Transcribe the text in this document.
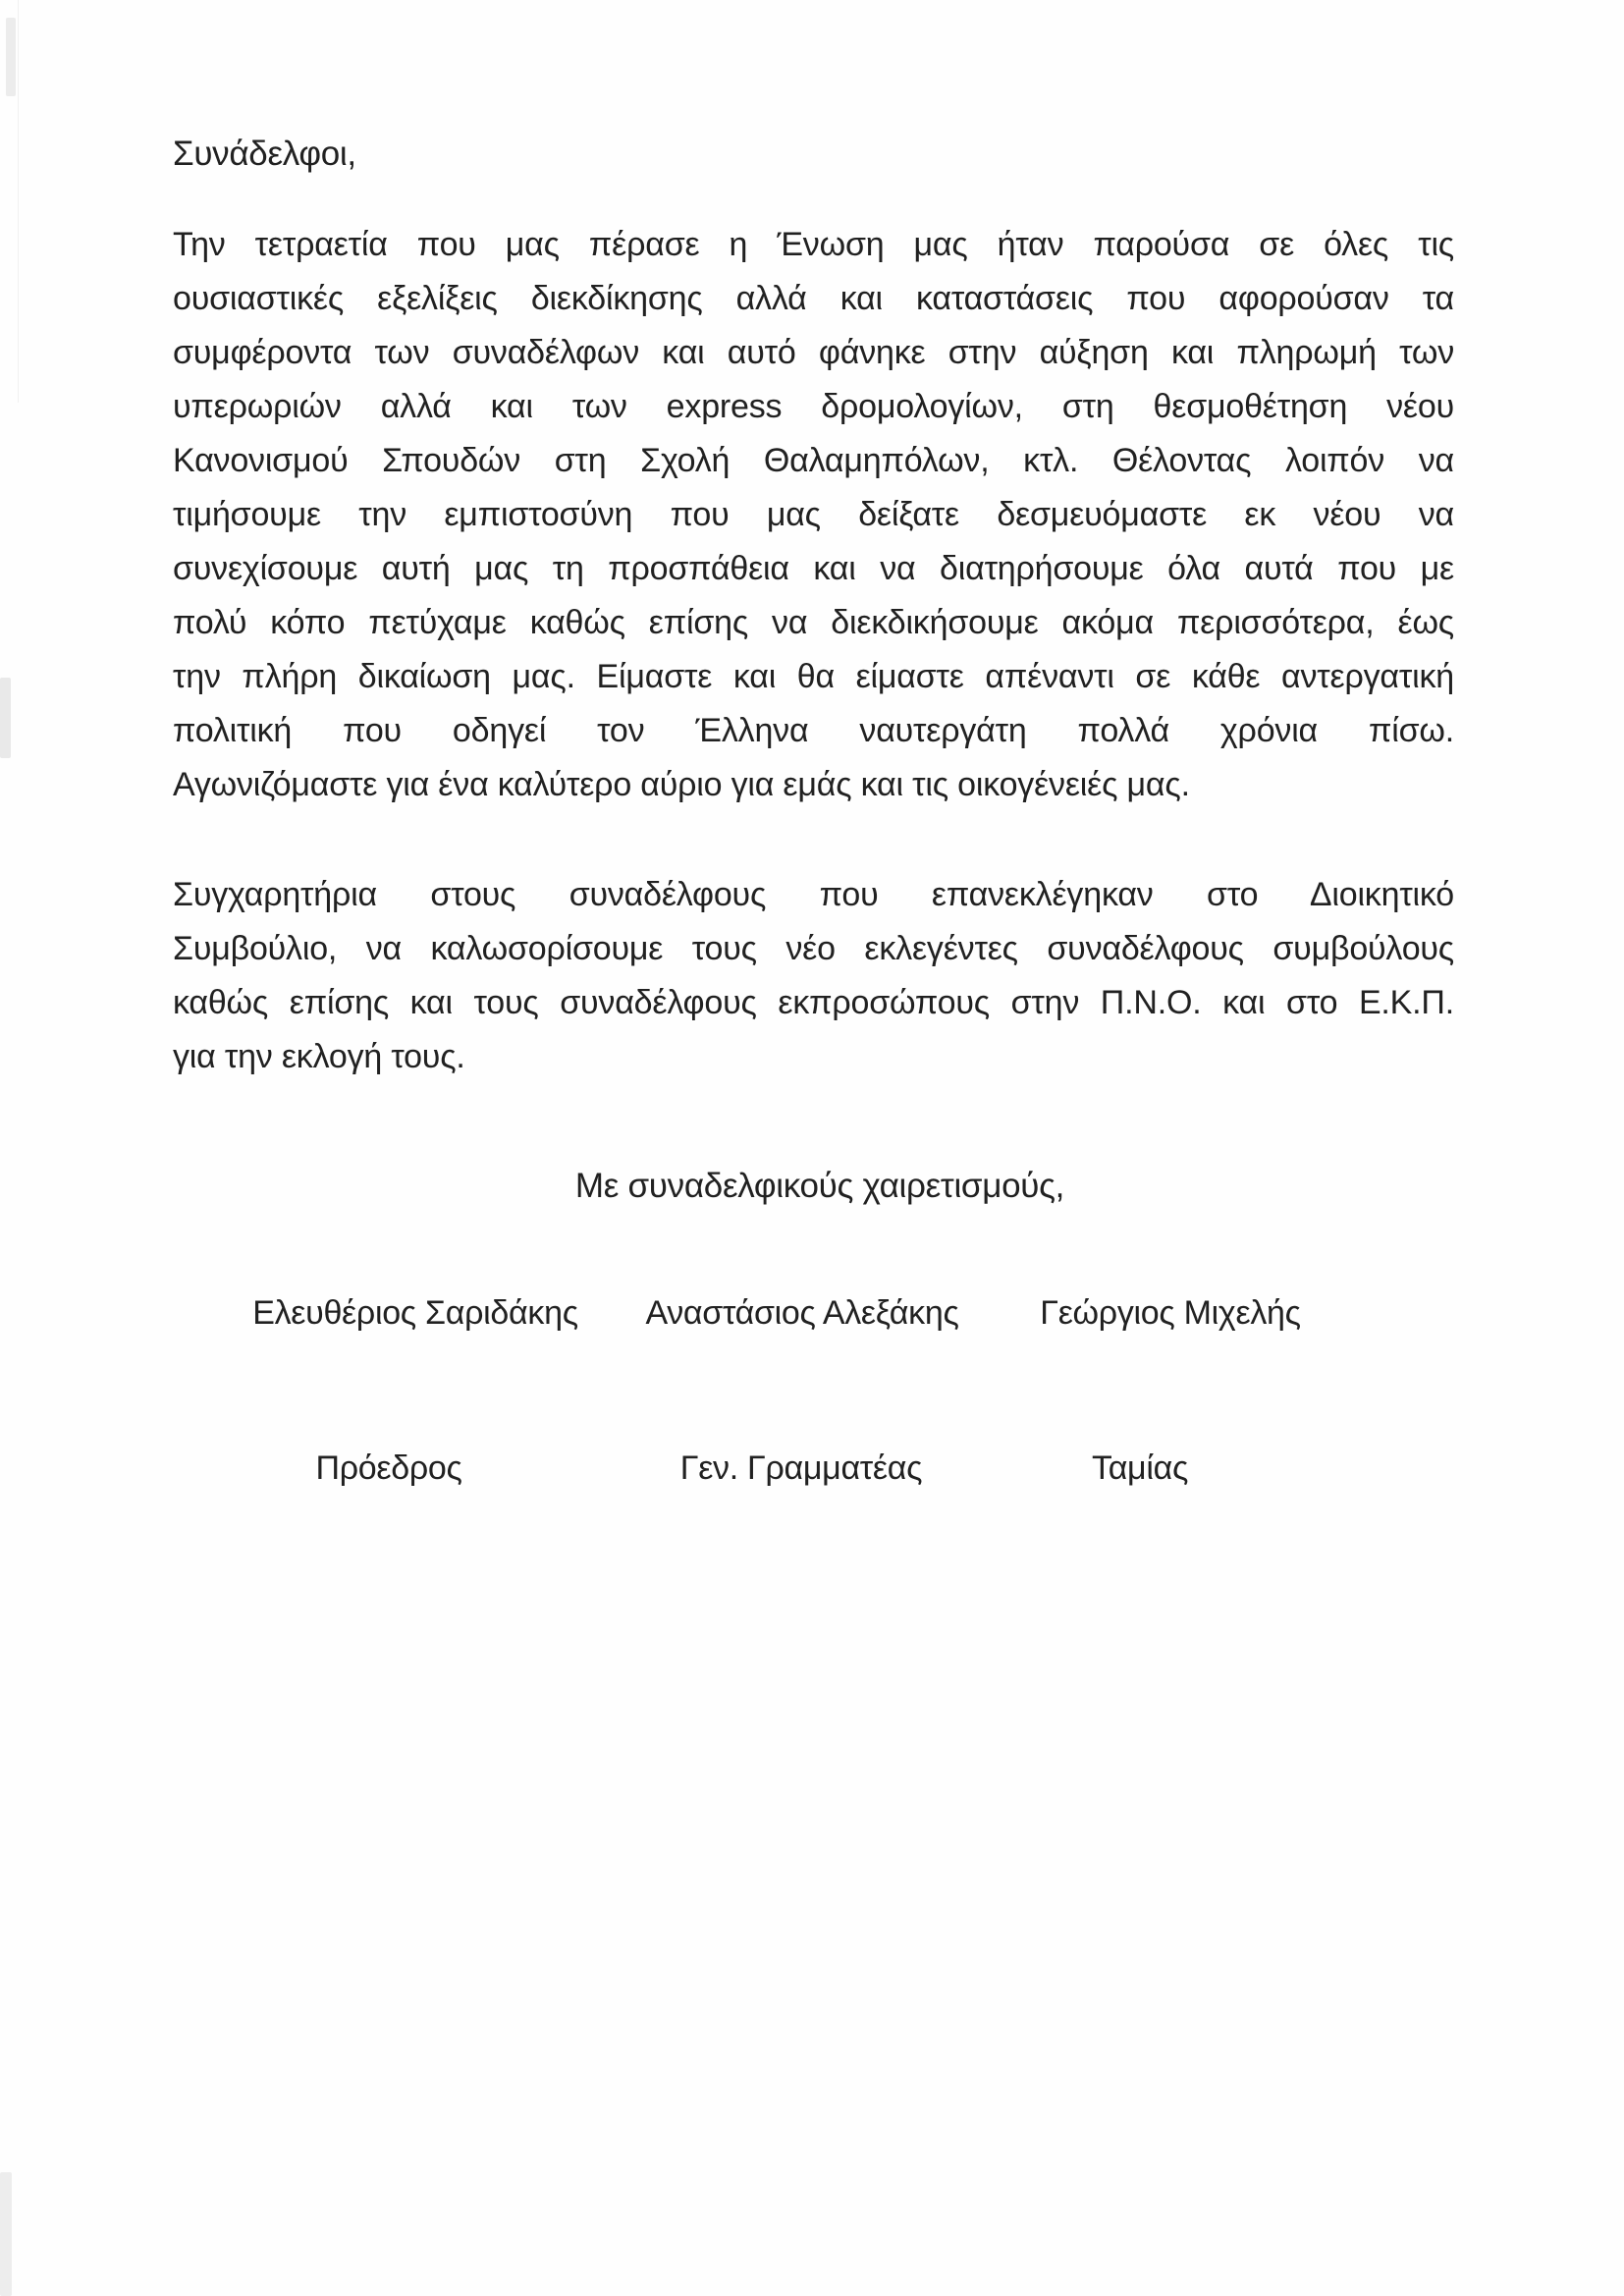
Συνάδελφοι,
Την τετραετία που μας πέρασε η Ένωση μας ήταν παρούσα σε όλες τις
ουσιαστικές εξελίξεις διεκδίκησης αλλά και καταστάσεις που αφορούσαν τα
συμφέροντα των συναδέλφων και αυτό φάνηκε στην αύξηση και πληρωμή των
υπερωριών αλλά και των express δρομολογίων, στη θεσμοθέτηση νέου
Κανονισμού Σπουδών στη Σχολή Θαλαμηπόλων, κτλ. Θέλοντας λοιπόν να
τιμήσουμε την εμπιστοσύνη που μας δείξατε δεσμευόμαστε εκ νέου να
συνεχίσουμε αυτή μας τη προσπάθεια και να διατηρήσουμε όλα αυτά που με
πολύ κόπο πετύχαμε καθώς επίσης να διεκδικήσουμε ακόμα περισσότερα, έως
την πλήρη δικαίωση μας. Είμαστε και θα είμαστε απέναντι σε κάθε αντεργατική
πολιτική που οδηγεί τον Έλληνα ναυτεργάτη πολλά χρόνια πίσω.
Αγωνιζόμαστε για ένα καλύτερο αύριο για εμάς και τις οικογένειές μας.
Συγχαρητήρια στους συναδέλφους που επανεκλέγηκαν στο Διοικητικό
Συμβούλιο, να καλωσορίσουμε τους νέο εκλεγέντες συναδέλφους συμβούλους
καθώς επίσης και τους συναδέλφους εκπροσώπους στην Π.Ν.Ο. και στο Ε.Κ.Π.
για την εκλογή τους.
Με συναδελφικούς χαιρετισμούς,
Ελευθέριος Σαριδάκης Αναστάσιος Αλεξάκης Γεώργιος Μιχελής
Πρόεδρος	Γεν. Γραμματέας	Ταμίας
